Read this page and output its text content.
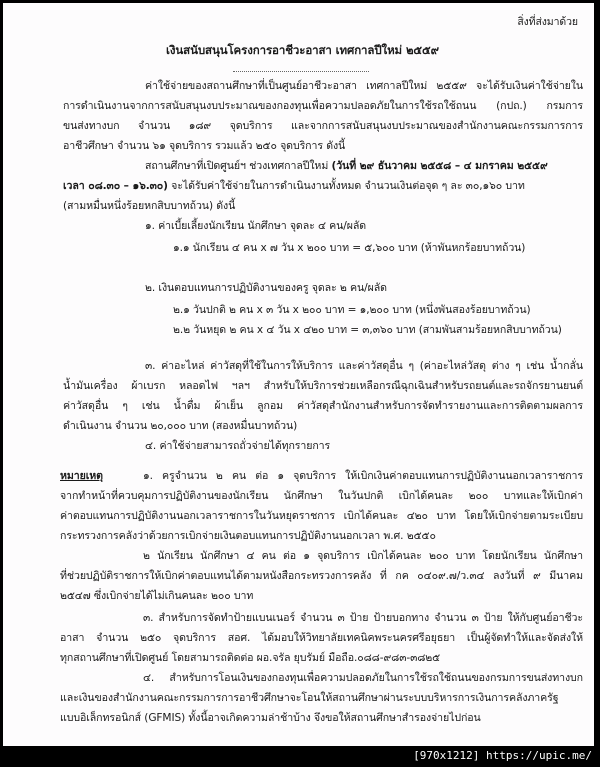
สิ่งที่ส่งมาด้วย
เงินสนับสนุนโครงการอาชีวะอาสา เทศกาลปีใหม่ ๒๕๕๙
ค่าใช้จ่ายของสถานศึกษาที่เป็นศูนย์อาชีวะอาสา เทศกาลปีใหม่ ๒๕๕๙ จะได้รับเงินค่าใช้จ่ายใน
การดำเนินงานจากการสนับสนุนงบประมาณของกองทุนเพื่อความปลอดภัยในการใช้รถใช้ถนน (กปถ.) กรมการ
ขนส่งทางบก จำนวน ๑๘๙ จุดบริการ และจากการสนับสนุนงบประมาณของสำนักงานคณะกรรมการการ
อาชีวศึกษา จำนวน ๖๑ จุดบริการ รวมแล้ว ๒๕๐ จุดบริการ ดังนี้
สถานศึกษาที่เปิดศูนย์ฯ ช่วงเทศกาลปีใหม่ (วันที่ ๒๙ ธันวาคม ๒๕๕๘ – ๔ มกราคม ๒๕๕๙
เวลา ๐๘.๓๐ – ๑๖.๓๐) จะได้รับค่าใช้จ่ายในการดำเนินงานทั้งหมด จำนวนเงินต่อจุด ๆ ละ ๓๐,๑๖๐ บาท
(สามหมื่นหนึ่งร้อยหกสิบบาทถ้วน) ดังนี้
๑. ค่าเบี้ยเลี้ยงนักเรียน นักศึกษา จุดละ ๔ คน/ผลัด
๑.๑ นักเรียน ๔ คน x ๗ วัน x ๒๐๐ บาท = ๕,๖๐๐ บาท (ห้าพันหกร้อยบาทถ้วน)
๒. เงินตอบแทนการปฏิบัติงานของครู จุดละ ๒ คน/ผลัด
๒.๑ วันปกติ ๒ คน x ๓ วัน x ๒๐๐ บาท = ๑,๒๐๐ บาท (หนึ่งพันสองร้อยบาทถ้วน)
๒.๒ วันหยุด ๒ คน x ๔ วัน x ๔๒๐ บาท = ๓,๓๖๐ บาท (สามพันสามร้อยหกสิบบาทถ้วน)
๓. ค่าอะไหล่ ค่าวัสดุที่ใช้ในการให้บริการ และค่าวัสดุอื่น ๆ (ค่าอะไหล่วัสดุ ต่าง ๆ เช่น น้ำกลั่น
น้ำมันเครื่อง ผ้าเบรก หลอดไฟ ฯลฯ สำหรับให้บริการช่วยเหลือกรณีฉุกเฉินสำหรับรถยนต์และรถจักรยานยนต์
ค่าวัสดุอื่น ๆ เช่น น้ำดื่ม ผ้าเย็น ลูกอม ค่าวัสดุสำนักงานสำหรับการจัดทำรายงานและการติดตามผลการ
ดำเนินงาน จำนวน ๒๐,๐๐๐ บาท (สองหมื่นบาทถ้วน)
๔. ค่าใช้จ่ายสามารถถั่วจ่ายได้ทุกรายการ
หมายเหตุ	๑. ครูจำนวน ๒ คน ต่อ ๑ จุดบริการ ให้เบิกเงินค่าตอบแทนการปฏิบัติงานนอกเวลาราชการ
จากทำหน้าที่ควบคุมการปฏิบัติงานของนักเรียน นักศึกษา ในวันปกติ เบิกได้คนละ ๒๐๐ บาทและให้เบิกค่า
ค่าตอบแทนการปฏิบัติงานนอกเวลาราชการในวันหยุดราชการ เบิกได้คนละ ๔๒๐ บาท โดยให้เบิกจ่ายตามระเบียบ
กระทรวงการคลังว่าด้วยการเบิกจ่ายเงินตอบแทนการปฏิบัติงานนอกเวลา พ.ศ. ๒๕๕๐
๒ นักเรียน นักศึกษา ๔ คน ต่อ ๑ จุดบริการ เบิกได้คนละ ๒๐๐ บาท โดยนักเรียน นักศึกษา
ที่ช่วยปฏิบัติราชการให้เบิกค่าตอบแทนได้ตามหนังสือกระทรวงการคลัง ที่ กค ๐๔๐๙.๗/ว.๓๔ ลงวันที่ ๙ มีนาคม
๒๕๔๗ ซึ่งเบิกจ่ายได้ไม่เกินคนละ ๒๐๐ บาท
๓. สำหรับการจัดทำป้ายแบนเนอร์ จำนวน ๓ ป้าย ป้ายบอกทาง จำนวน ๓ ป้าย ให้กับศูนย์อาชีวะ
อาสา จำนวน ๒๕๐ จุดบริการ สอศ. ได้มอบให้วิทยาลัยเทคนิคพระนครศรีอยุธยา เป็นผู้จัดทำให้และจัดส่งให้
ทุกสถานศึกษาที่เปิดศูนย์ โดยสามารถติดต่อ ผอ.จรัล ยุบรัมย์ มือถือ.๐๘๘-๙๘๓-๓๘๒๕
๔. สำหรับการโอนเงินของกองทุนเพื่อความปลอดภัยในการใช้รถใช้ถนนของกรมการขนส่งทางบก
และเงินของสำนักงานคณะกรรมการการอาชีวศึกษาจะโอนให้สถานศึกษาผ่านระบบบริหารการเงินการคลังภาครัฐ
แบบอิเล็กทรอนิกส์ (GFMIS) ทั้งนี้อาจเกิดความล่าช้าบ้าง จึงขอให้สถานศึกษาสำรองจ่ายไปก่อน
[970x1212] https://upic.me/
